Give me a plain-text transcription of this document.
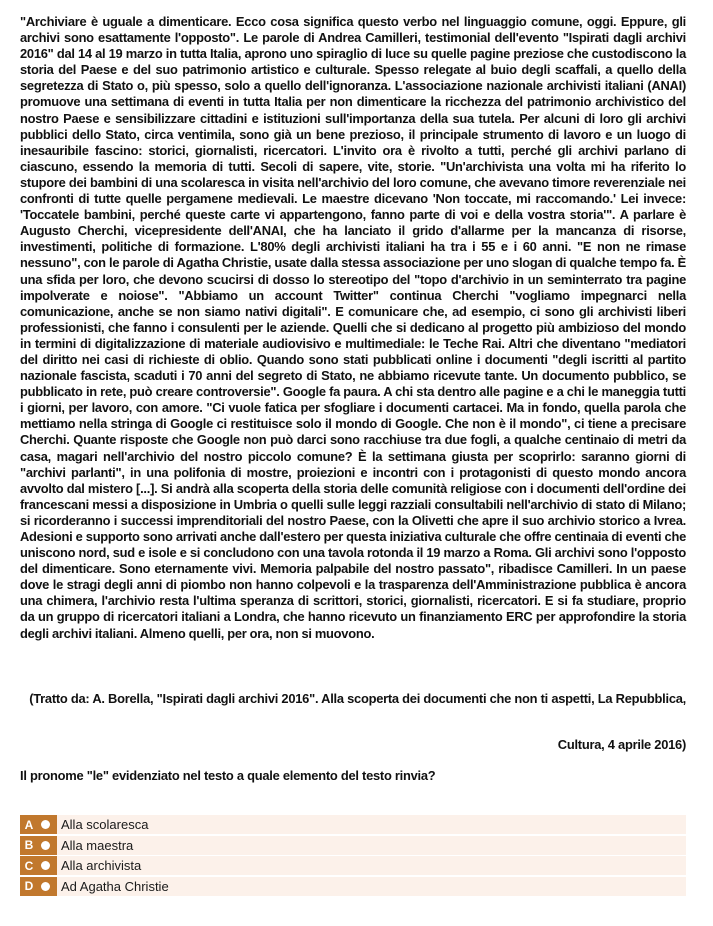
"Archiviare è uguale a dimenticare. Ecco cosa significa questo verbo nel linguaggio comune, oggi. Eppure, gli archivi sono esattamente l'opposto". Le parole di Andrea Camilleri, testimonial dell'evento "Ispirati dagli archivi 2016" dal 14 al 19 marzo in tutta Italia, aprono uno spiraglio di luce su quelle pagine preziose che custodiscono la storia del Paese e del suo patrimonio artistico e culturale. Spesso relegate al buio degli scaffali, a quello della segretezza di Stato o, più spesso, solo a quello dell'ignoranza. L'associazione nazionale archivisti italiani (ANAI) promuove una settimana di eventi in tutta Italia per non dimenticare la ricchezza del patrimonio archivistico del nostro Paese e sensibilizzare cittadini e istituzioni sull'importanza della sua tutela. Per alcuni di loro gli archivi pubblici dello Stato, circa ventimila, sono già un bene prezioso, il principale strumento di lavoro e un luogo di inesauribile fascino: storici, giornalisti, ricercatori. L'invito ora è rivolto a tutti, perché gli archivi parlano di ciascuno, essendo la memoria di tutti. Secoli di sapere, vite, storie. "Un'archivista una volta mi ha riferito lo stupore dei bambini di una scolaresca in visita nell'archivio del loro comune, che avevano timore reverenziale nei confronti di tutte quelle pergamene medievali. Le maestre dicevano 'Non toccate, mi raccomando.' Lei invece: 'Toccatele bambini, perché queste carte vi appartengono, fanno parte di voi e della vostra storia'". A parlare è Augusto Cherchi, vicepresidente dell'ANAI, che ha lanciato il grido d'allarme per la mancanza di risorse, investimenti, politiche di formazione. L'80% degli archivisti italiani ha tra i 55 e i 60 anni. "E non ne rimase nessuno", con le parole di Agatha Christie, usate dalla stessa associazione per uno slogan di qualche tempo fa. È una sfida per loro, che devono scucirsi di dosso lo stereotipo del "topo d'archivio in un seminterrato tra pagine impolverate e noiose". "Abbiamo un account Twitter" continua Cherchi "vogliamo impegnarci nella comunicazione, anche se non siamo nativi digitali". E comunicare che, ad esempio, ci sono gli archivisti liberi professionisti, che fanno i consulenti per le aziende. Quelli che si dedicano al progetto più ambizioso del mondo in termini di digitalizzazione di materiale audiovisivo e multimediale: le Teche Rai. Altri che diventano "mediatori del diritto nei casi di richieste di oblio. Quando sono stati pubblicati online i documenti "degli iscritti al partito nazionale fascista, scaduti i 70 anni del segreto di Stato, ne abbiamo ricevute tante. Un documento pubblico, se pubblicato in rete, può creare controversie". Google fa paura. A chi sta dentro alle pagine e a chi le maneggia tutti i giorni, per lavoro, con amore. "Ci vuole fatica per sfogliare i documenti cartacei. Ma in fondo, quella parola che mettiamo nella stringa di Google ci restituisce solo il mondo di Google. Che non è il mondo", ci tiene a precisare Cherchi. Quante risposte che Google non può darci sono racchiuse tra due fogli, a qualche centinaio di metri da casa, magari nell'archivio del nostro piccolo comune? È la settimana giusta per scoprirlo: saranno giorni di "archivi parlanti", in una polifonia di mostre, proiezioni e incontri con i protagonisti di questo mondo ancora avvolto dal mistero [...]. Si andrà alla scoperta della storia delle comunità religiose con i documenti dell'ordine dei francescani messi a disposizione in Umbria o quelli sulle leggi razziali consultabili nell'archivio di stato di Milano; si ricorderanno i successi imprenditoriali del nostro Paese, con la Olivetti che apre il suo archivio storico a Ivrea. Adesioni e supporto sono arrivati anche dall'estero per questa iniziativa culturale che offre centinaia di eventi che uniscono nord, sud e isole e si concludono con una tavola rotonda il 19 marzo a Roma. Gli archivi sono l'opposto del dimenticare. Sono eternamente vivi. Memoria palpabile del nostro passato", ribadisce Camilleri. In un paese dove le stragi degli anni di piombo non hanno colpevoli e la trasparenza dell'Amministrazione pubblica è ancora una chimera, l'archivio resta l'ultima speranza di scrittori, storici, giornalisti, ricercatori. E si fa studiare, proprio da un gruppo di ricercatori italiani a Londra, che hanno ricevuto un finanziamento ERC per approfondire la storia degli archivi italiani. Almeno quelli, per ora, non si muovono.
(Tratto da: A. Borella, "Ispirati dagli archivi 2016". Alla scoperta dei documenti che non ti aspetti, La Repubblica,
Cultura, 4 aprile 2016)
Il pronome "le" evidenziato nel testo a quale elemento del testo rinvia?
A Alla scolaresca
B Alla maestra
C Alla archivista
D Ad Agatha Christie
